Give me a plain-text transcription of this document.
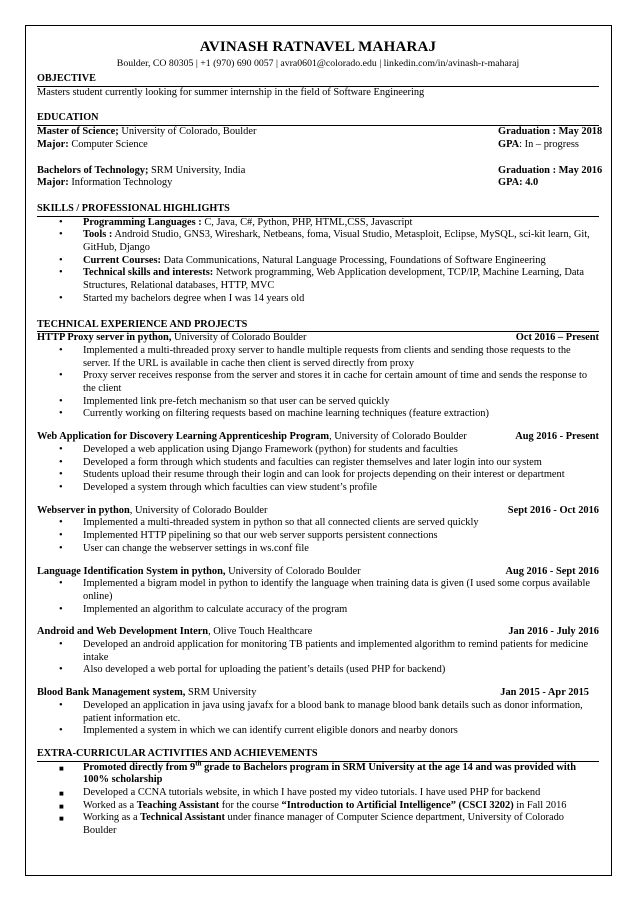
AVINASH RATNAVEL MAHARAJ
Boulder, CO 80305 | +1 (970) 690 0057 | avra0601@colorado.edu | linkedin.com/in/avinash-r-maharaj
OBJECTIVE
Masters student currently looking for summer internship in the field of Software Engineering
EDUCATION
Master of Science; University of Colorado, Boulder	Graduation : May 2018
Major: Computer Science	GPA: In – progress
Bachelors of Technology; SRM University, India	Graduation : May 2016
Major: Information Technology	GPA: 4.0
SKILLS / PROFESSIONAL HIGHLIGHTS
• Programming Languages : C, Java, C#, Python, PHP, HTML,CSS, Javascript
• Tools : Android Studio, GNS3, Wireshark, Netbeans, foma, Visual Studio, Metasploit, Eclipse, MySQL, sci-kit learn, Git, GitHub, Django
• Current Courses: Data Communications, Natural Language Processing, Foundations of Software Engineering
• Technical skills and interests: Network programming, Web Application development, TCP/IP, Machine Learning, Data Structures, Relational databases, HTTP, MVC
• Started my bachelors degree when I was 14 years old
TECHNICAL EXPERIENCE AND PROJECTS
HTTP Proxy server in python, University of Colorado Boulder	Oct 2016 – Present
• Implemented a multi-threaded proxy server to handle multiple requests from clients and sending those requests to the server. If the URL is available in cache then client is served directly from proxy
• Proxy server receives response from the server and stores it in cache for certain amount of time and sends the response to the client
• Implemented link pre-fetch mechanism so that user can be served quickly
• Currently working on filtering requests based on machine learning techniques (feature extraction)
Web Application for Discovery Learning Apprenticeship Program, University of Colorado Boulder	Aug 2016 - Present
• Developed a web application using Django Framework (python) for students and faculties
• Developed a form through which students and faculties can register themselves and later login into our system
• Students upload their resume through their login and can look for projects depending on their interest or department
• Developed a system through which faculties can view student’s profile
Webserver in python, University of Colorado Boulder	Sept 2016 - Oct 2016
• Implemented a multi-threaded system in python so that all connected clients are served quickly
• Implemented HTTP pipelining so that our web server supports persistent connections
• User can change the webserver settings in ws.conf file
Language Identification System in python, University of Colorado Boulder	Aug 2016 - Sept 2016
• Implemented a bigram model in python to identify the language when training data is given (I used some corpus available online)
• Implemented an algorithm to calculate accuracy of the program
Android and Web Development Intern, Olive Touch Healthcare	Jan 2016 - July 2016
• Developed an android application for monitoring TB patients and implemented algorithm to remind patients for medicine intake
• Also developed a web portal for uploading the patient’s details (used PHP for backend)
Blood Bank Management system, SRM University	Jan 2015 - Apr 2015
• Developed an application in java using javafx for a blood bank to manage blood bank details such as donor information, patient information etc.
• Implemented a system in which we can identify current eligible donors and nearby donors
EXTRA-CURRICULAR ACTIVITIES AND ACHIEVEMENTS
■ Promoted directly from 9th grade to Bachelors program in SRM University at the age 14 and was provided with 100% scholarship
■ Developed a CCNA tutorials website, in which I have posted my video tutorials. I have used PHP for backend
■ Worked as a Teaching Assistant for the course “Introduction to Artificial Intelligence” (CSCI 3202) in Fall 2016
■ Working as a Technical Assistant under finance manager of Computer Science department, University of Colorado Boulder
